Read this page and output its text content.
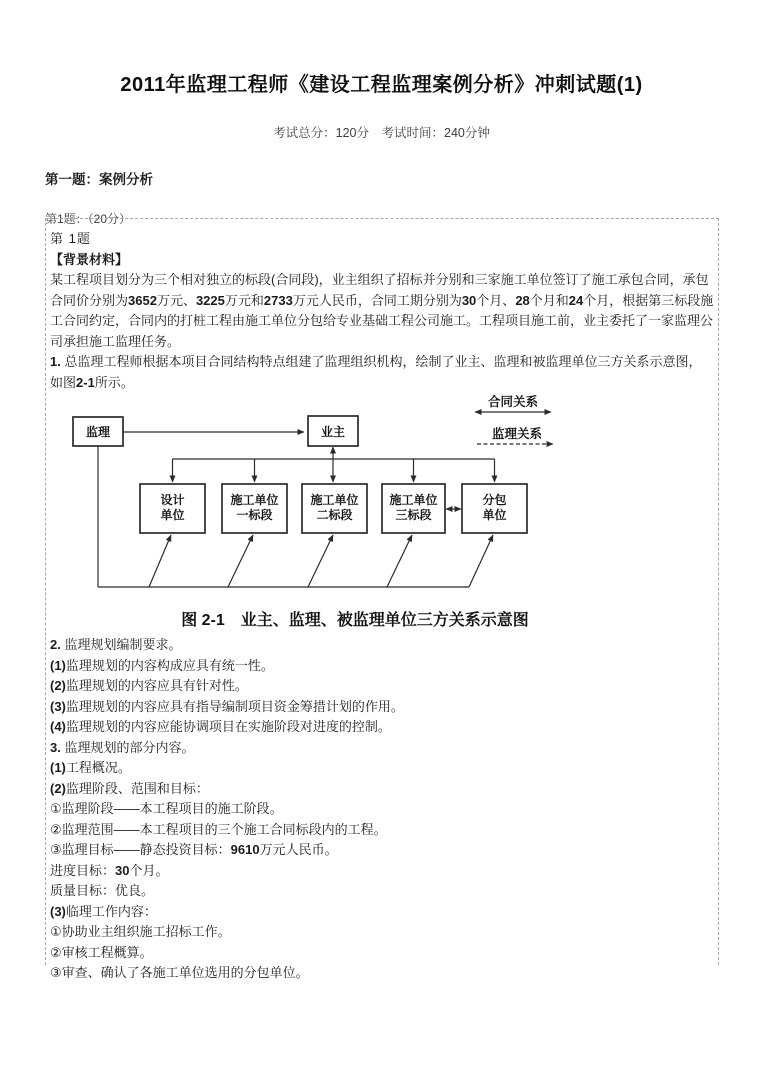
2011年监理工程师《建设工程监理案例分析》冲刺试题(1)
考试总分：120分　考试时间：240分钟
第一题：案例分析
第1题：（20分）
第 1题
【背景材料】
某工程项目划分为三个相对独立的标段(合同段)，业主组织了招标并分别和三家施工单位签订了施工承包合同，承包合同价分别为3652万元、3225万元和2733万元人民币，合同工期分别为30个月、28个月和24个月，根据第三标段施工合同约定，合同内的打桩工程由施工单位分包给专业基础工程公司施工。工程项目施工前，业主委托了一家监理公司承担施工监理任务。
1. 总监理工程师根据本项目合同结构特点组建了监理组织机构，绘制了业主、监理和被监理单位三方关系示意图，如图2-1所示。
合同关系
监理关系
监理	业主
设计单位
施工单位一标段
施工单位二标段
施工单位三标段
分包单位
图 2-1　业主、监理、被监理单位三方关系示意图
2. 监理规划编制要求。
(1)监理规划的内容构成应具有统一性。
(2)监理规划的内容应具有针对性。
(3)监理规划的内容应具有指导编制项目资金筹措计划的作用。
(4)监理规划的内容应能协调项目在实施阶段对进度的控制。
3. 监理规划的部分内容。
(1)工程概况。
(2)监理阶段、范围和目标：
①监理阶段——本工程项目的施工阶段。
②监理范围——本工程项目的三个施工合同标段内的工程。
③监理目标——静态投资目标：9610万元人民币。
进度目标：30个月。
质量目标：优良。
(3)临理工作内容：
①协助业主组织施工招标工作。
②审核工程概算。
③审查、确认了各施工单位选用的分包单位。
